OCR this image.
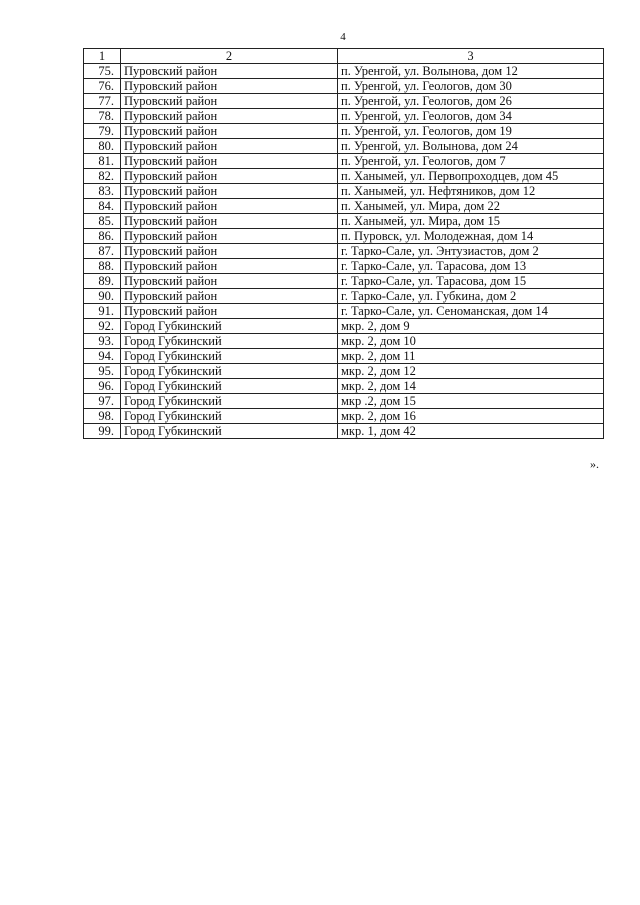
4
1	2	3
75.	Пуровский район	п. Уренгой, ул. Волынова, дом 12
76.	Пуровский район	п. Уренгой, ул. Геологов, дом 30
77.	Пуровский район	п. Уренгой, ул. Геологов, дом 26
78.	Пуровский район	п. Уренгой, ул. Геологов, дом 34
79.	Пуровский район	п. Уренгой, ул. Геологов, дом 19
80.	Пуровский район	п. Уренгой, ул. Волынова, дом 24
81.	Пуровский район	п. Уренгой, ул. Геологов, дом 7
82.	Пуровский район	п. Ханымей, ул. Первопроходцев, дом 45
83.	Пуровский район	п. Ханымей, ул. Нефтяников, дом 12
84.	Пуровский район	п. Ханымей, ул. Мира, дом 22
85.	Пуровский район	п. Ханымей, ул. Мира, дом 15
86.	Пуровский район	п. Пуровск, ул. Молодежная, дом 14
87.	Пуровский район	г. Тарко-Сале, ул. Энтузиастов, дом 2
88.	Пуровский район	г. Тарко-Сале, ул. Тарасова, дом 13
89.	Пуровский район	г. Тарко-Сале, ул. Тарасова, дом 15
90.	Пуровский район	г. Тарко-Сале, ул. Губкина, дом 2
91.	Пуровский район	г. Тарко-Сале, ул. Сеноманская, дом 14
92.	Город Губкинский	мкр. 2, дом 9
93.	Город Губкинский	мкр. 2, дом 10
94.	Город Губкинский	мкр. 2, дом 11
95.	Город Губкинский	мкр. 2, дом 12
96.	Город Губкинский	мкр. 2, дом 14
97.	Город Губкинский	мкр .2, дом 15
98.	Город Губкинский	мкр. 2, дом 16
99.	Город Губкинский	мкр. 1, дом 42
».
